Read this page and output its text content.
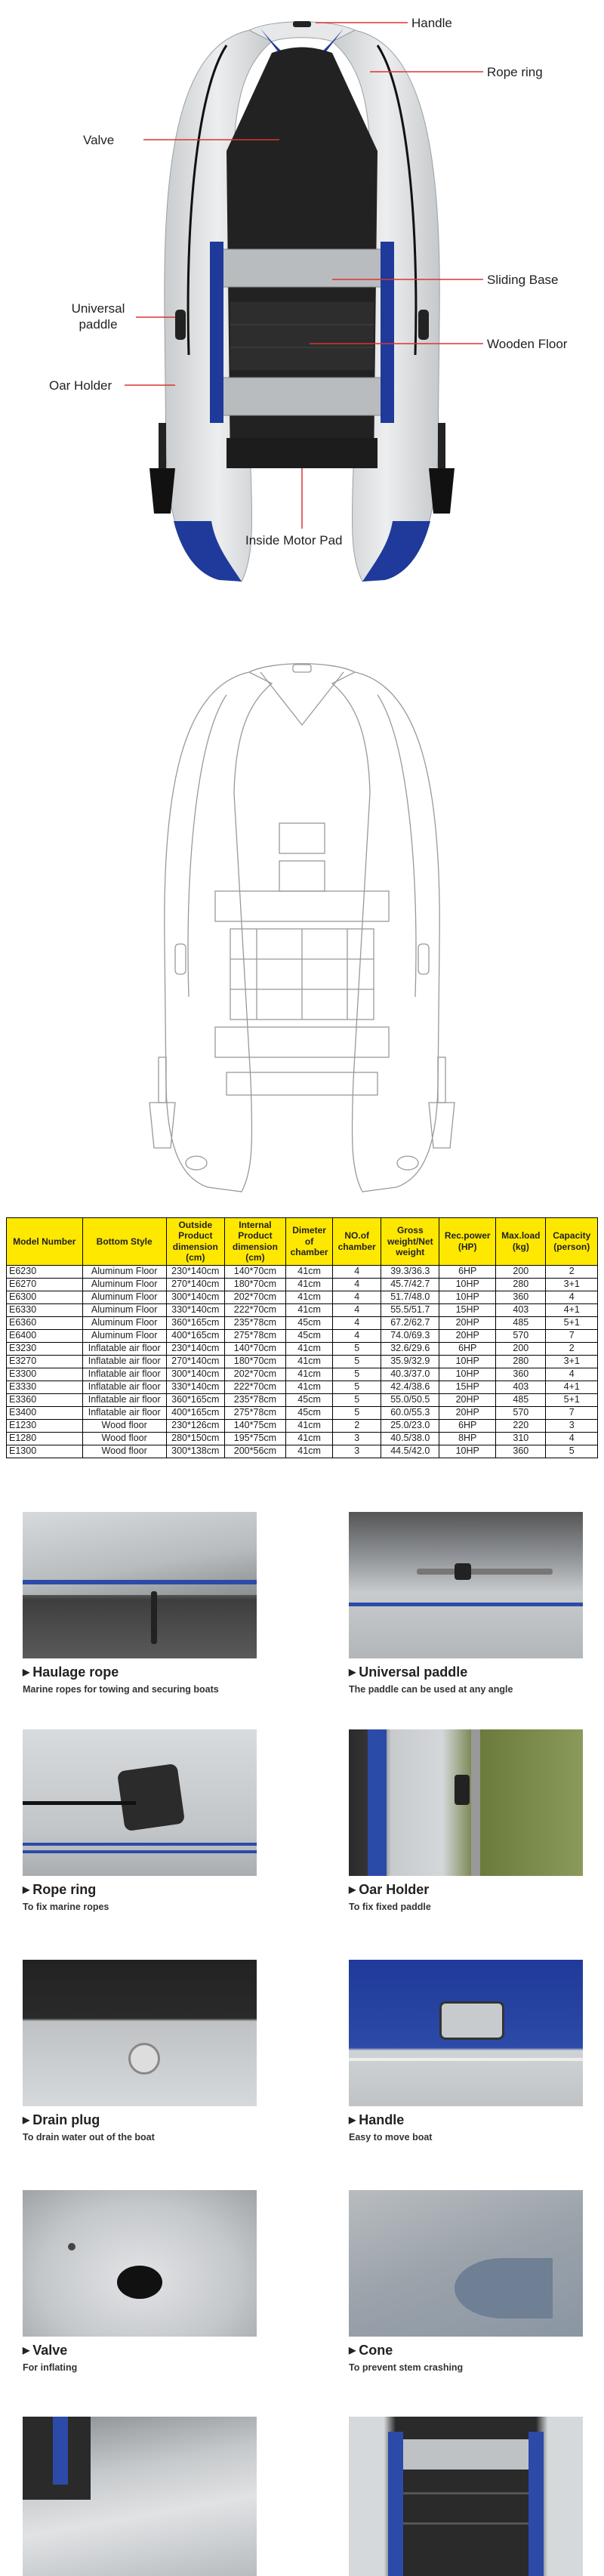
Handle
Rope ring
Valve
Sliding Base
Universal paddle
Wooden Floor
Oar Holder
Inside Motor Pad
Model Number	Bottom Style	Outside Product dimension (cm)	Internal Product dimension (cm)	Dimeter of chamber	NO.of chamber	Gross weight/Net weight	Rec.power (HP)	Max.load (kg)	Capacity (person)
E6230	Aluminum Floor	230*140cm	140*70cm	41cm	4	39.3/36.3	6HP	200	2
E6270	Aluminum Floor	270*140cm	180*70cm	41cm	4	45.7/42.7	10HP	280	3+1
E6300	Aluminum Floor	300*140cm	202*70cm	41cm	4	51.7/48.0	10HP	360	4
E6330	Aluminum Floor	330*140cm	222*70cm	41cm	4	55.5/51.7	15HP	403	4+1
E6360	Aluminum Floor	360*165cm	235*78cm	45cm	4	67.2/62.7	20HP	485	5+1
E6400	Aluminum Floor	400*165cm	275*78cm	45cm	4	74.0/69.3	20HP	570	7
E3230	Inflatable air floor	230*140cm	140*70cm	41cm	5	32.6/29.6	6HP	200	2
E3270	Inflatable air floor	270*140cm	180*70cm	41cm	5	35.9/32.9	10HP	280	3+1
E3300	Inflatable air floor	300*140cm	202*70cm	41cm	5	40.3/37.0	10HP	360	4
E3330	Inflatable air floor	330*140cm	222*70cm	41cm	5	42.4/38.6	15HP	403	4+1
E3360	Inflatable air floor	360*165cm	235*78cm	45cm	5	55.0/50.5	20HP	485	5+1
E3400	Inflatable air floor	400*165cm	275*78cm	45cm	5	60.0/55.3	20HP	570	7
E1230	Wood floor	230*126cm	140*75cm	41cm	2	25.0/23.0	6HP	220	3
E1280	Wood floor	280*150cm	195*75cm	41cm	3	40.5/38.0	8HP	310	4
E1300	Wood floor	300*138cm	200*56cm	41cm	3	44.5/42.0	10HP	360	5
▶ Haulage rope
Marine ropes for towing and securing boats
▶ Universal paddle
The paddle can be used at any angle
▶ Rope ring
To fix marine ropes
▶ Oar Holder
To fix fixed paddle
▶ Drain plug
To drain water out of the boat
▶ Handle
Easy to move boat
▶ Valve
For inflating
▶ Cone
To prevent stem crashing
